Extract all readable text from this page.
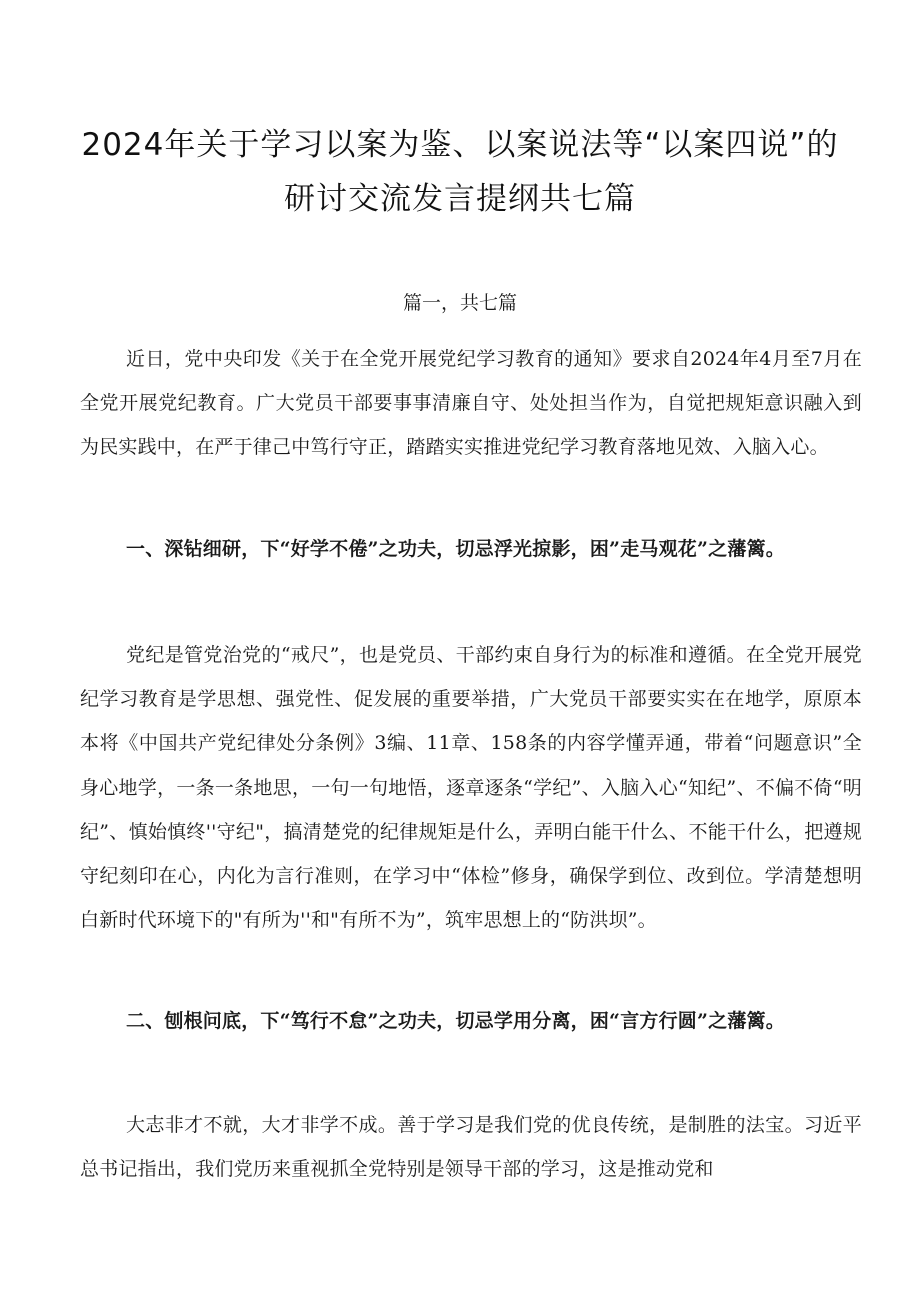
2024年关于学习以案为鉴、以案说法等“以案四说”的研讨交流发言提纲共七篇

篇一，共七篇

近日，党中央印发《关于在全党开展党纪学习教育的通知》要求自2024年4月至7月在全党开展党纪教育。广大党员干部要事事清廉自守、处处担当作为，自觉把规矩意识融入到为民实践中，在严于律己中笃行守正，踏踏实实推进党纪学习教育落地见效、入脑入心。

一、深钻细研，下“好学不倦”之功夫，切忌浮光掠影，困”走马观花”之藩篱。

党纪是管党治党的“戒尺”，也是党员、干部约束自身行为的标准和遵循。在全党开展党纪学习教育是学思想、强党性、促发展的重要举措，广大党员干部要实实在在地学，原原本本将《中国共产党纪律处分条例》3编、11章、158条的内容学懂弄通，带着“问题意识”全身心地学，一条一条地思，一句一句地悟，逐章逐条“学纪”、入脑入心“知纪”、不偏不倚“明纪”、慎始慎终''守纪"，搞清楚党的纪律规矩是什么，弄明白能干什么、不能干什么，把遵规守纪刻印在心，内化为言行准则，在学习中“体检”修身，确保学到位、改到位。学清楚想明白新时代环境下的"有所为''和"有所不为”，筑牢思想上的“防洪坝”。

二、刨根问底，下“笃行不怠”之功夫，切忌学用分离，困“言方行圆”之藩篱。

大志非才不就，大才非学不成。善于学习是我们党的优良传统，是制胜的法宝。习近平总书记指出，我们党历来重视抓全党特别是领导干部的学习，这是推动党和
